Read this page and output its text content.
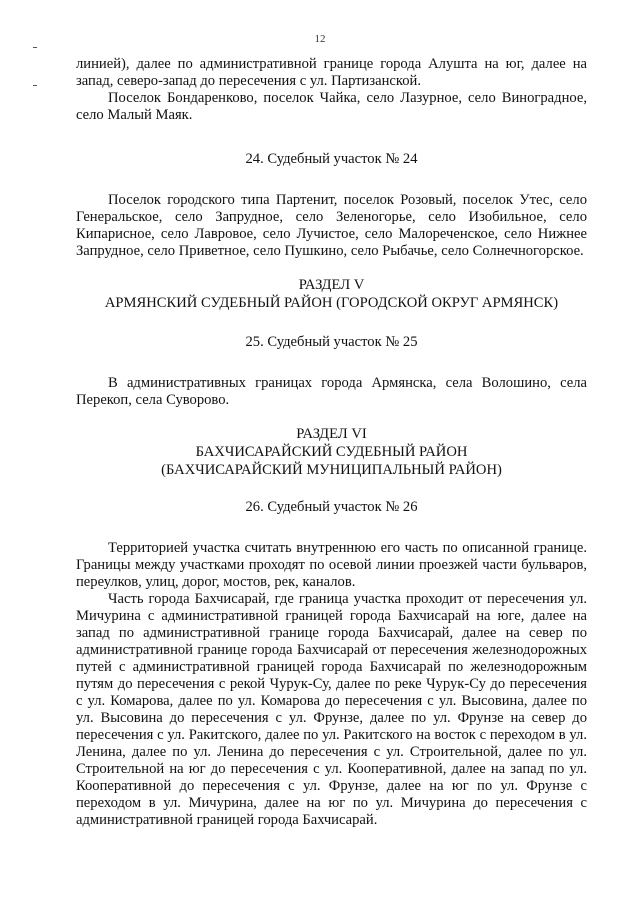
12

линией), далее по административной границе города Алушта на юг, далее на запад, северо-запад до пересечения с ул. Партизанской.

Поселок Бондаренково, поселок Чайка, село Лазурное, село Виноградное, село Малый Маяк.

24. Судебный участок № 24

Поселок городского типа Партенит, поселок Розовый, поселок Утес, село Генеральское, село Запрудное, село Зеленогорье, село Изобильное, село Кипарисное, село Лавровое, село Лучистое, село Малореченское, село Нижнее Запрудное, село Приветное, село Пушкино, село Рыбачье, село Солнечногорское.

РАЗДЕЛ V
АРМЯНСКИЙ СУДЕБНЫЙ РАЙОН (ГОРОДСКОЙ ОКРУГ АРМЯНСК)

25. Судебный участок № 25

В административных границах города Армянска, села Волошино, села Перекоп, села Суворово.

РАЗДЕЛ VI
БАХЧИСАРАЙСКИЙ СУДЕБНЫЙ РАЙОН
(БАХЧИСАРАЙСКИЙ МУНИЦИПАЛЬНЫЙ РАЙОН)

26. Судебный участок № 26

Территорией участка считать внутреннюю его часть по описанной границе. Границы между участками проходят по осевой линии проезжей части бульваров, переулков, улиц, дорог, мостов, рек, каналов.

Часть города Бахчисарай, где граница участка проходит от пересечения ул. Мичурина с административной границей города Бахчисарай на юге, далее на запад по административной границе города Бахчисарай, далее на север по административной границе города Бахчисарай от пересечения железнодорожных путей с административной границей города Бахчисарай по железнодорожным путям до пересечения с рекой Чурук-Су, далее по реке Чурук-Су до пересечения с ул. Комарова, далее по ул. Комарова до пересечения с ул. Высовина, далее по ул. Высовина до пересечения с ул. Фрунзе, далее по ул. Фрунзе на север до пересечения с ул. Ракитского, далее по ул. Ракитского на восток с переходом в ул. Ленина, далее по ул. Ленина до пересечения с ул. Строительной, далее по ул. Строительной на юг до пересечения с ул. Кооперативной, далее на запад по ул. Кооперативной до пересечения с ул. Фрунзе, далее на юг по ул. Фрунзе с переходом в ул. Мичурина, далее на юг по ул. Мичурина до пересечения с административной границей города Бахчисарай.
